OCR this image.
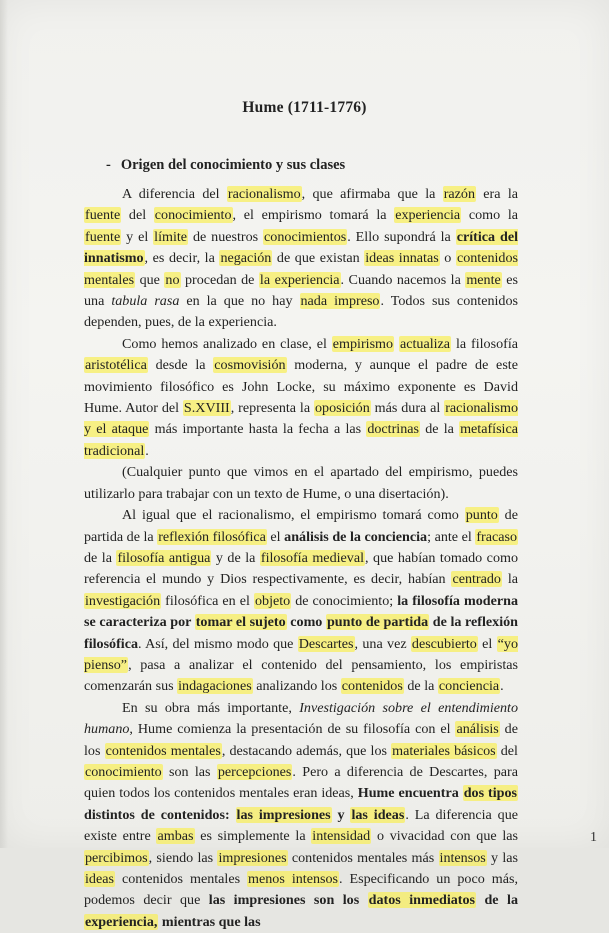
Hume (1711-1776)
- Origen del conocimiento y sus clases

A diferencia del racionalismo, que afirmaba que la razón era la fuente del conocimiento, el empirismo tomará la experiencia como la fuente y el límite de nuestros conocimientos. Ello supondrá la crítica del innatismo, es decir, la negación de que existan ideas innatas o contenidos mentales que no procedan de la experiencia. Cuando nacemos la mente es una tabula rasa en la que no hay nada impreso. Todos sus contenidos dependen, pues, de la experiencia.

Como hemos analizado en clase, el empirismo actualiza la filosofía aristotélica desde la cosmovisión moderna, y aunque el padre de este movimiento filosófico es John Locke, su máximo exponente es David Hume. Autor del S.XVIII, representa la oposición más dura al racionalismo y el ataque más importante hasta la fecha a las doctrinas de la metafísica tradicional.

(Cualquier punto que vimos en el apartado del empirismo, puedes utilizarlo para trabajar con un texto de Hume, o una disertación).

Al igual que el racionalismo, el empirismo tomará como punto de partida de la reflexión filosófica el análisis de la conciencia; ante el fracaso de la filosofía antigua y de la filosofía medieval, que habían tomado como referencia el mundo y Dios respectivamente, es decir, habían centrado la investigación filosófica en el objeto de conocimiento; la filosofía moderna se caracteriza por tomar el sujeto como punto de partida de la reflexión filosófica. Así, del mismo modo que Descartes, una vez descubierto el “yo pienso”, pasa a analizar el contenido del pensamiento, los empiristas comenzarán sus indagaciones analizando los contenidos de la conciencia.

En su obra más importante, Investigación sobre el entendimiento humano, Hume comienza la presentación de su filosofía con el análisis de los contenidos mentales, destacando además, que los materiales básicos del conocimiento son las percepciones. Pero a diferencia de Descartes, para quien todos los contenidos mentales eran ideas, Hume encuentra dos tipos distintos de contenidos: las impresiones y las ideas. La diferencia que existe entre ambas es simplemente la intensidad o vivacidad con que las percibimos, siendo las impresiones contenidos mentales más intensos y las ideas contenidos mentales menos intensos. Especificando un poco más, podemos decir que las impresiones son los datos inmediatos de la experiencia, mientras que las

1
